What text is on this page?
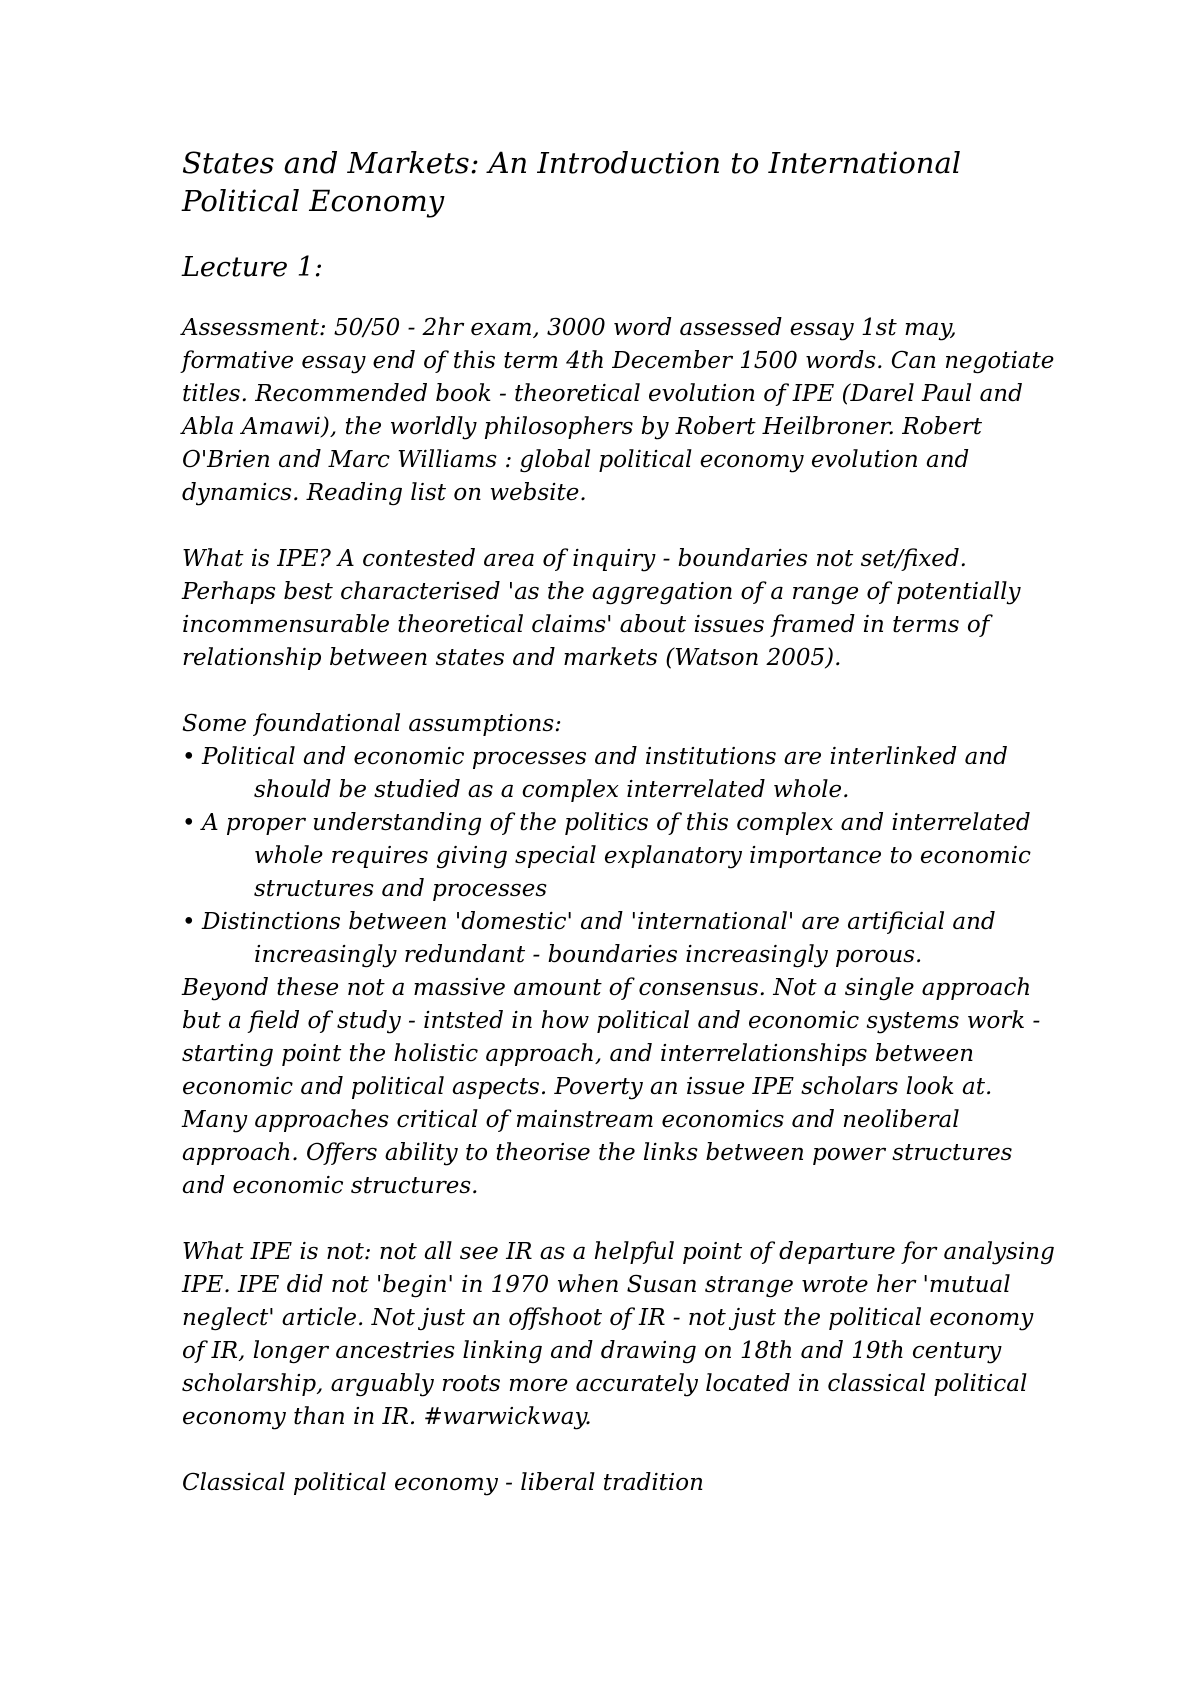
States and Markets: An Introduction to International Political Economy
Lecture 1:

Assessment: 50/50 - 2hr exam, 3000 word assessed essay 1st may, formative essay end of this term 4th December 1500 words. Can negotiate titles. Recommended book - theoretical evolution of IPE (Darel Paul and Abla Amawi), the worldly philosophers by Robert Heilbroner. Robert O'Brien and Marc Williams : global political economy evolution and dynamics. Reading list on website.

What is IPE? A contested area of inquiry - boundaries not set/fixed. Perhaps best characterised 'as the aggregation of a range of potentially incommensurable theoretical claims' about issues framed in terms of relationship between states and markets (Watson 2005).

Some foundational assumptions:

• Political and economic processes and institutions are interlinked and should be studied as a complex interrelated whole.
• A proper understanding of the politics of this complex and interrelated whole requires giving special explanatory importance to economic structures and processes
• Distinctions between 'domestic' and 'international' are artificial and increasingly redundant - boundaries increasingly porous.

Beyond these not a massive amount of consensus. Not a single approach but a field of study - intsted in how political and economic systems work - starting point the holistic approach, and interrelationships between economic and political aspects. Poverty an issue IPE scholars look at. Many approaches critical of mainstream economics and neoliberal approach. Offers ability to theorise the links between power structures and economic structures.

What IPE is not: not all see IR as a helpful point of departure for analysing IPE. IPE did not 'begin' in 1970 when Susan strange wrote her 'mutual neglect' article. Not just an offshoot of IR - not just the political economy of IR, longer ancestries linking and drawing on 18th and 19th century scholarship, arguably roots more accurately located in classical political economy than in IR. #warwickway.

Classical political economy - liberal tradition
